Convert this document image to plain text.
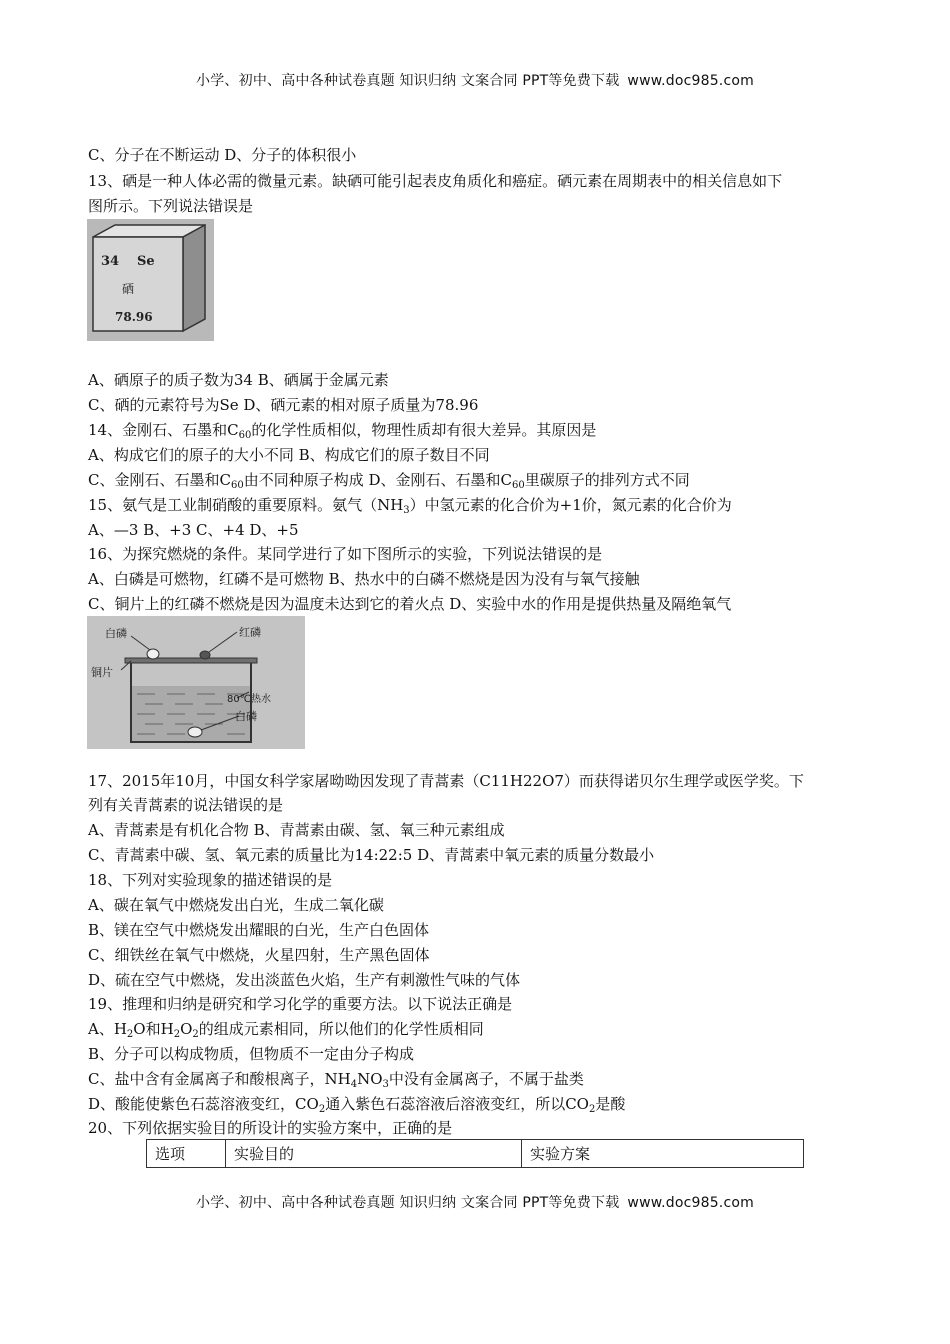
小学、初中、高中各种试卷真题 知识归纳 文案合同 PPT等免费下载 www.doc985.com
C、分子在不断运动 D、分子的体积很小
13、硒是一种人体必需的微量元素。缺硒可能引起表皮角质化和癌症。硒元素在周期表中的相关信息如下
图所示。下列说法错误是
34 Se
硒
78.96
A、硒原子的质子数为34 B、硒属于金属元素
C、硒的元素符号为Se D、硒元素的相对原子质量为78.96
14、金刚石、石墨和$C_{60}$的化学性质相似，物理性质却有很大差异。其原因是
A、构成它们的原子的大小不同 B、构成它们的原子数目不同
C、金刚石、石墨和$C_{60}$由不同种原子构成 D、金刚石、石墨和$C_{60}$里碳原子的排列方式不同
15、氨气是工业制硝酸的重要原料。氨气$(NH_3)$中氢元素的化合价为+1价，氮元素的化合价为
A、—3 B、+3 C、+4 D、+5
16、为探究燃烧的条件。某同学进行了如下图所示的实验，下列说法错误的是
A、白磷是可燃物，红磷不是可燃物 B、热水中的白磷不燃烧是因为没有与氧气接触
C、铜片上的红磷不燃烧是因为温度未达到它的着火点 D、实验中水的作用是提供热量及隔绝氧气
白磷	红磷
铜片
80℃热水
白磷
17、2015年10月，中国女科学家屠呦呦因发现了青蒿素（C11H22O7）而获得诺贝尔生理学或医学奖。下
列有关青蒿素的说法错误的是
A、青蒿素是有机化合物 B、青蒿素由碳、氢、氧三种元素组成
C、青蒿素中碳、氢、氧元素的质量比为14:22:5 D、青蒿素中氧元素的质量分数最小
18、下列对实验现象的描述错误的是
A、碳在氧气中燃烧发出白光，生成二氧化碳
B、镁在空气中燃烧发出耀眼的白光，生产白色固体
C、细铁丝在氧气中燃烧，火星四射，生产黑色固体
D、硫在空气中燃烧，发出淡蓝色火焰，生产有刺激性气味的气体
19、推理和归纳是研究和学习化学的重要方法。以下说法正确是
A、$H_2O$和$H_2O_2$的组成元素相同，所以他们的化学性质相同
B、分子可以构成物质，但物质不一定由分子构成
C、盐中含有金属离子和酸根离子，$NH_4NO_3$中没有金属离子，不属于盐类
D、酸能使紫色石蕊溶液变红，$CO_2$通入紫色石蕊溶液后溶液变红，所以$CO_2$是酸
20、下列依据实验目的所设计的实验方案中，正确的是
选项	实验目的	实验方案
小学、初中、高中各种试卷真题 知识归纳 文案合同 PPT等免费下载 www.doc985.com
